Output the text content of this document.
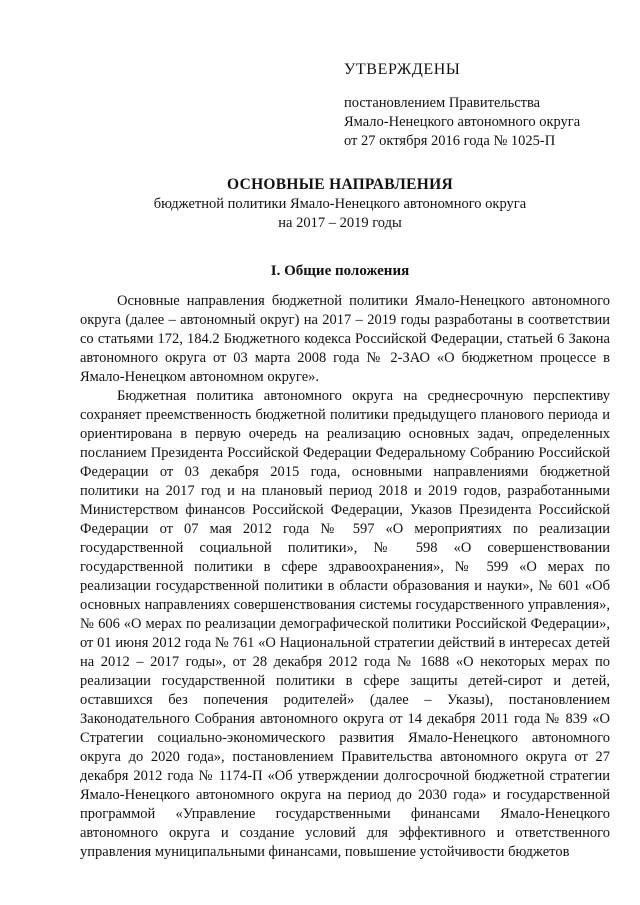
УТВЕРЖДЕНЫ
постановлением Правительства
Ямало-Ненецкого автономного округа
от 27 октября 2016 года № 1025-П
ОСНОВНЫЕ НАПРАВЛЕНИЯ
бюджетной политики Ямало-Ненецкого автономного округа
на 2017 – 2019 годы
I. Общие положения

Основные направления бюджетной политики Ямало-Ненецкого автономного округа (далее – автономный округ) на 2017 – 2019 годы разработаны в соответствии со статьями 172, 184.2 Бюджетного кодекса Российской Федерации, статьей 6 Закона автономного округа от 03 марта 2008 года № 2-ЗАО «О бюджетном процессе в Ямало-Ненецком автономном округе».

Бюджетная политика автономного округа на среднесрочную перспективу сохраняет преемственность бюджетной политики предыдущего планового периода и ориентирована в первую очередь на реализацию основных задач, определенных посланием Президента Российской Федерации Федеральному Собранию Российской Федерации от 03 декабря 2015 года, основными направлениями бюджетной политики на 2017 год и на плановый период 2018 и 2019 годов, разработанными Министерством финансов Российской Федерации, Указов Президента Российской Федерации от 07 мая 2012 года № 597 «О мероприятиях по реализации государственной социальной политики», № 598 «О совершенствовании государственной политики в сфере здравоохранения», № 599 «О мерах по реализации государственной политики в области образования и науки», № 601 «Об основных направлениях совершенствования системы государственного управления», № 606 «О мерах по реализации демографической политики Российской Федерации», от 01 июня 2012 года № 761 «О Национальной стратегии действий в интересах детей на 2012 – 2017 годы», от 28 декабря 2012 года № 1688 «О некоторых мерах по реализации государственной политики в сфере защиты детей-сирот и детей, оставшихся без попечения родителей» (далее – Указы), постановлением Законодательного Собрания автономного округа от 14 декабря 2011 года № 839 «О Стратегии социально-экономического развития Ямало-Ненецкого автономного округа до 2020 года», постановлением Правительства автономного округа от 27 декабря 2012 года № 1174-П «Об утверждении долгосрочной бюджетной стратегии Ямало-Ненецкого автономного округа на период до 2030 года» и государственной программой «Управление государственными финансами Ямало-Ненецкого автономного округа и создание условий для эффективного и ответственного управления муниципальными финансами, повышение устойчивости бюджетов
